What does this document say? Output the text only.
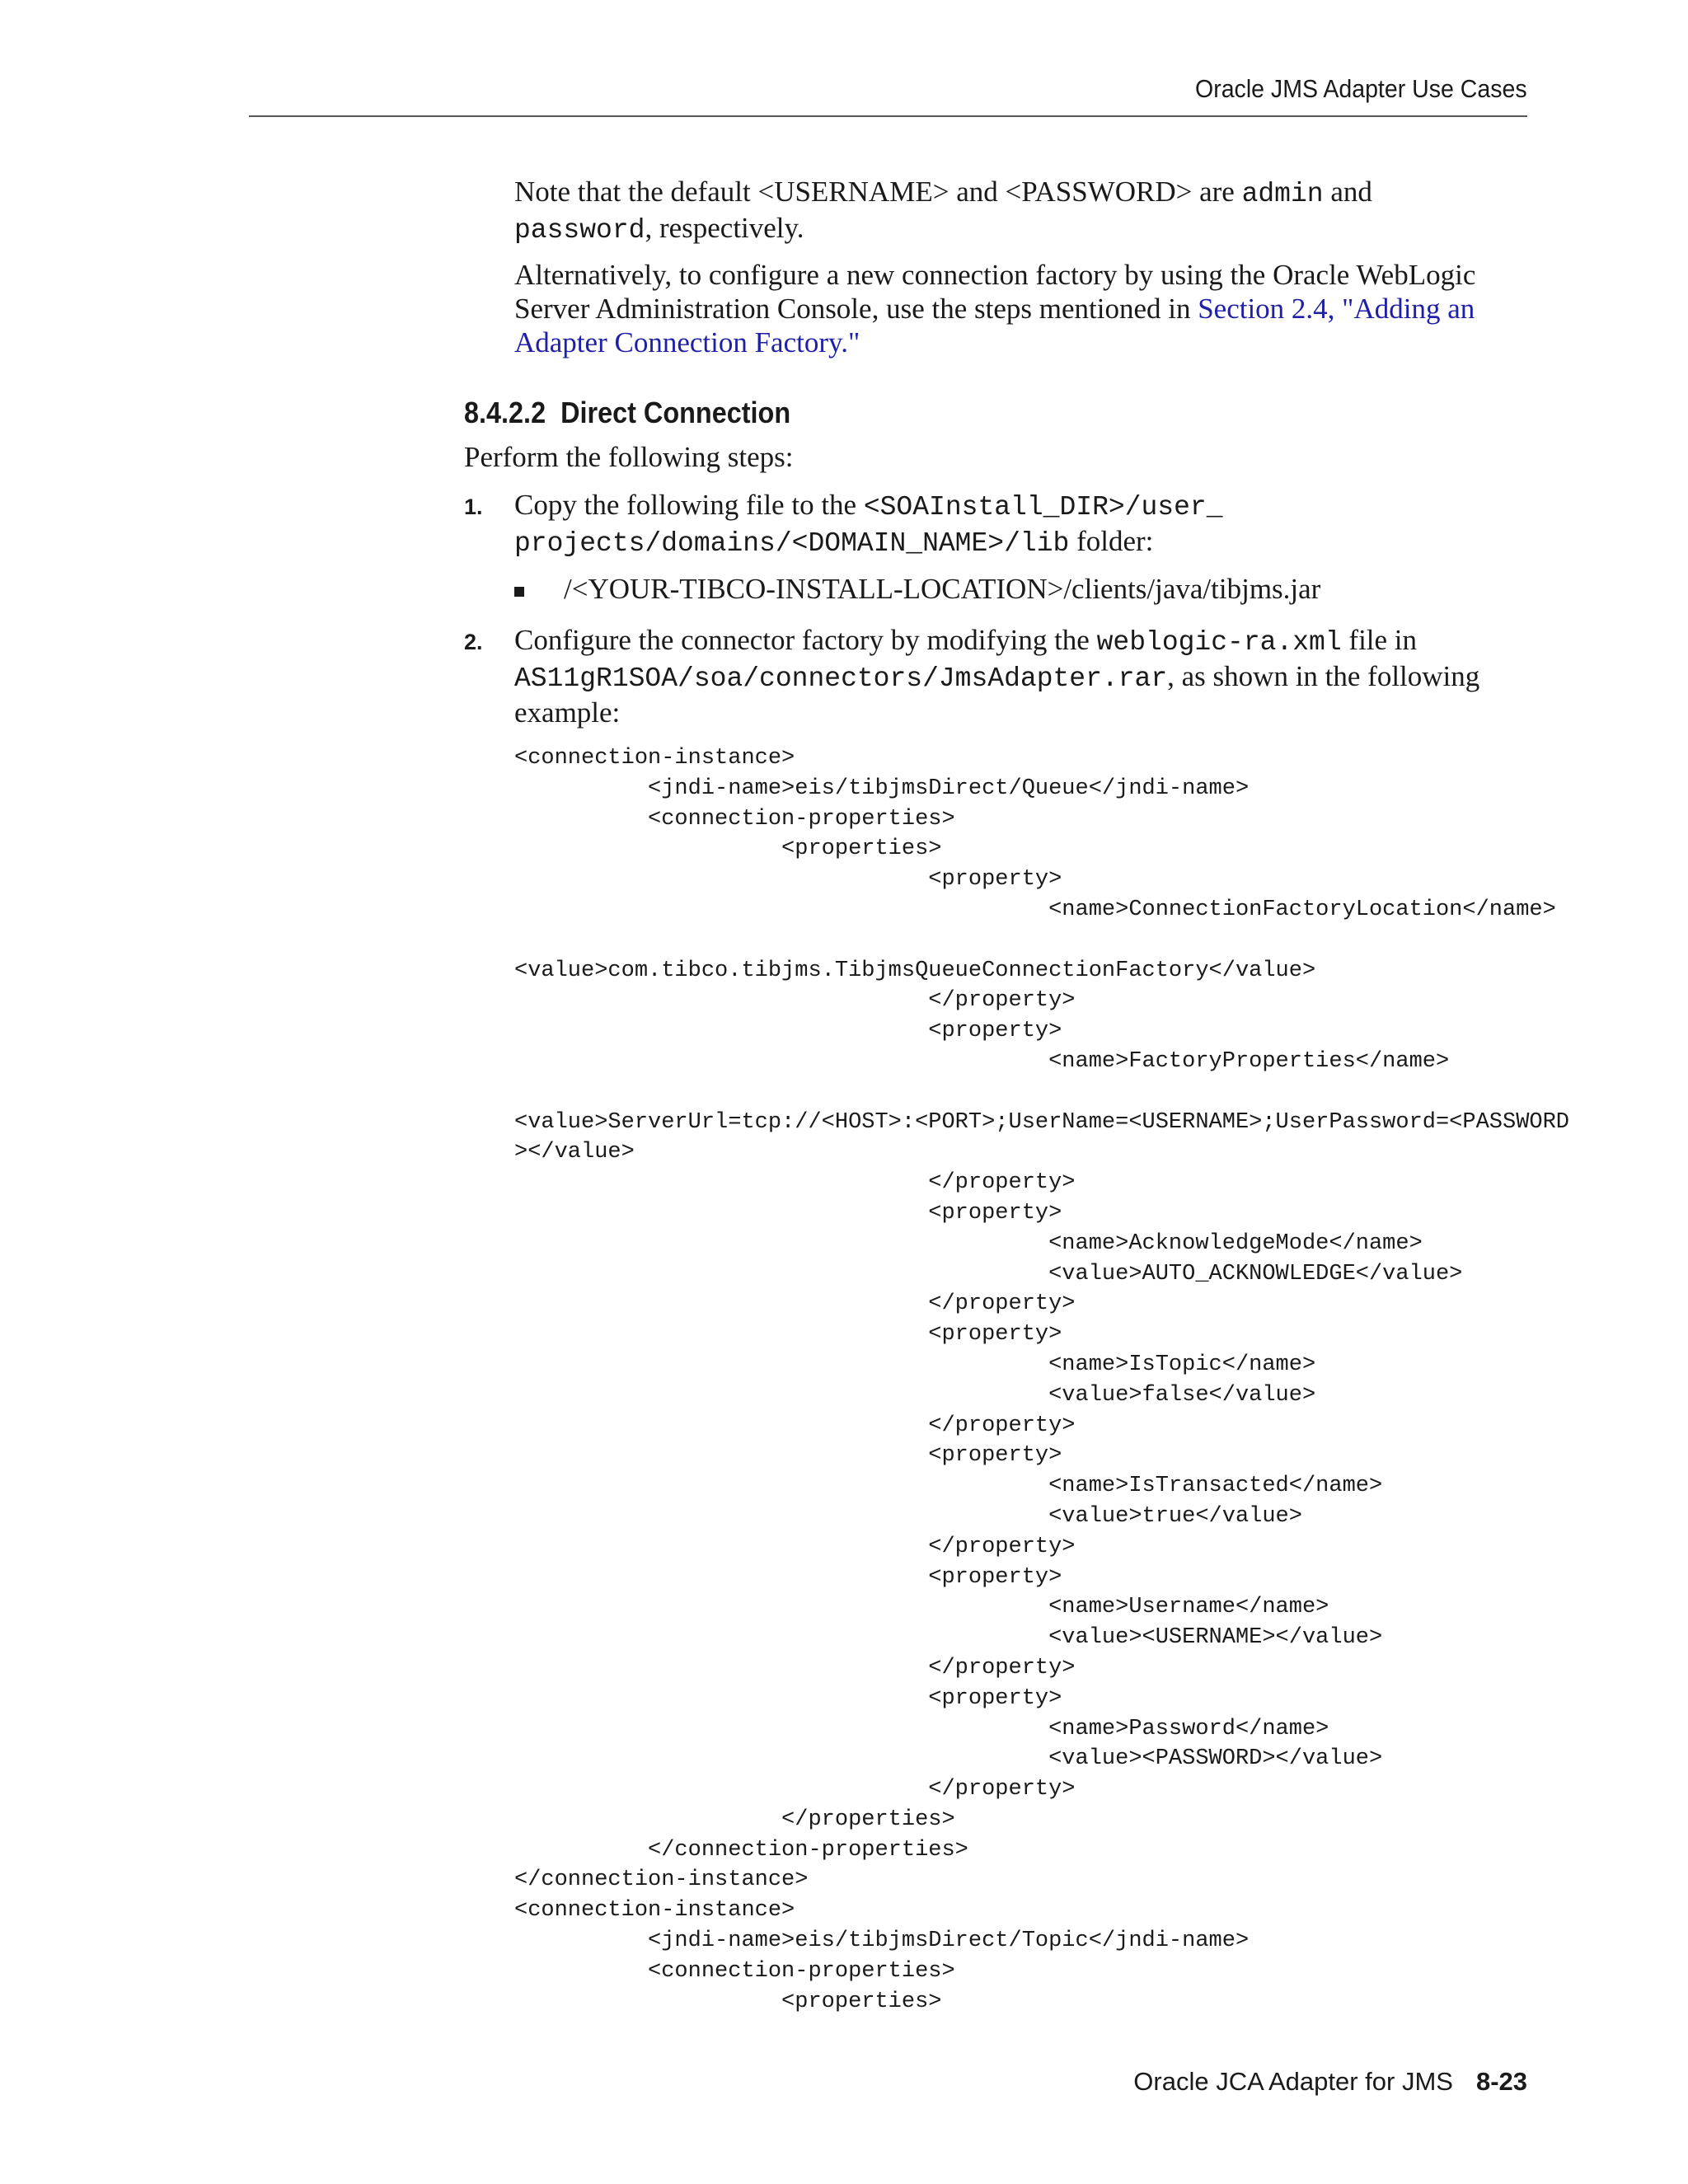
Oracle JMS Adapter Use Cases
Note that the default <USERNAME> and <PASSWORD> are admin and
password, respectively.
Alternatively, to configure a new connection factory by using the Oracle WebLogic
Server Administration Console, use the steps mentioned in Section 2.4, "Adding an
Adapter Connection Factory."
8.4.2.2 Direct Connection
Perform the following steps:
1. Copy the following file to the <SOAInstall_DIR>/user_
projects/domains/<DOMAIN_NAME>/lib folder:
/<YOUR-TIBCO-INSTALL-LOCATION>/clients/java/tibjms.jar
2. Configure the connector factory by modifying the weblogic-ra.xml file in
AS11gR1SOA/soa/connectors/JmsAdapter.rar, as shown in the following
example:
<connection-instance>
<jndi-name>eis/tibjmsDirect/Queue</jndi-name>
<connection-properties>
<properties>
<property>
<name>ConnectionFactoryLocation</name>

<value>com.tibco.tibjms.TibjmsQueueConnectionFactory</value>
</property>
<property>
<name>FactoryProperties</name>

<value>ServerUrl=tcp://<HOST>:<PORT>;UserName=<USERNAME>;UserPassword=<PASSWORD
></value>
</property>
<property>
<name>AcknowledgeMode</name>
<value>AUTO_ACKNOWLEDGE</value>
</property>
<property>
<name>IsTopic</name>
<value>false</value>
</property>
<property>
<name>IsTransacted</name>
<value>true</value>
</property>
<property>
<name>Username</name>
<value><USERNAME></value>
</property>
<property>
<name>Password</name>
<value><PASSWORD></value>
</property>
</properties>
</connection-properties>
</connection-instance>
<connection-instance>
<jndi-name>eis/tibjmsDirect/Topic</jndi-name>
<connection-properties>
<properties>
Oracle JCA Adapter for JMS 8-23
